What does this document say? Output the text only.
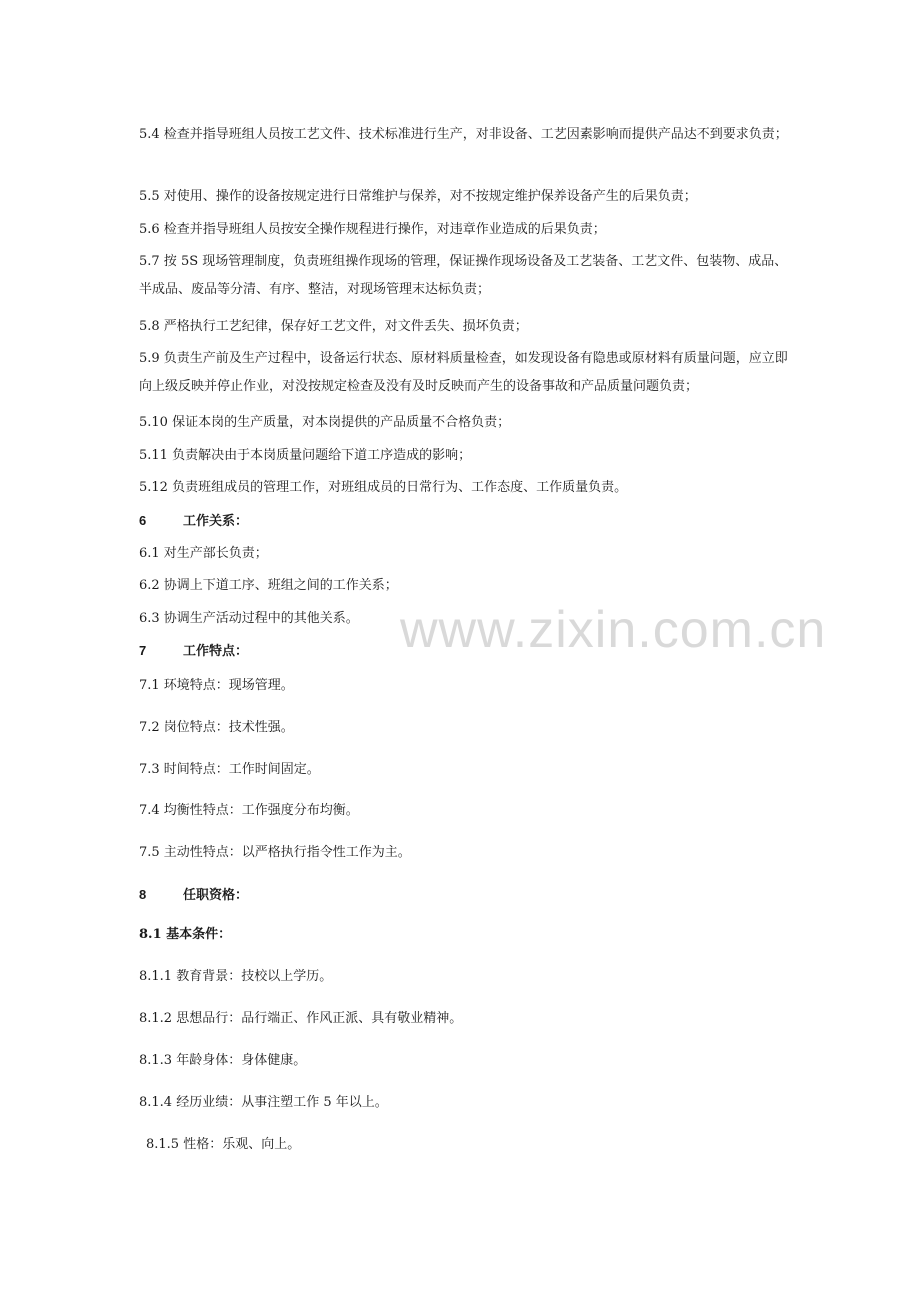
www.zixin.com.cn
5.4 检查并指导班组人员按工艺文件、技术标准进行生产，对非设备、工艺因素影响而提供产品达不到要求负责；
5.5 对使用、操作的设备按规定进行日常维护与保养，对不按规定维护保养设备产生的后果负责；
5.6 检查并指导班组人员按安全操作规程进行操作，对违章作业造成的后果负责；
5.7 按 5S 现场管理制度，负责班组操作现场的管理，保证操作现场设备及工艺装备、工艺文件、包装物、成品、半成品、废品等分清、有序、整洁，对现场管理末达标负责；
5.8 严格执行工艺纪律，保存好工艺文件，对文件丢失、损坏负责；
5.9 负责生产前及生产过程中，设备运行状态、原材料质量检查，如发现设备有隐患或原材料有质量问题，应立即向上级反映并停止作业，对没按规定检查及没有及时反映而产生的设备事故和产品质量问题负责；
5.10 保证本岗的生产质量，对本岗提供的产品质量不合格负责；
5.11 负责解决由于本岗质量问题给下道工序造成的影响；
5.12 负责班组成员的管理工作，对班组成员的日常行为、工作态度、工作质量负责。
6	工作关系：
6.1 对生产部长负责；
6.2 协调上下道工序、班组之间的工作关系；
6.3 协调生产活动过程中的其他关系。
7	工作特点：
7.1 环境特点：现场管理。
7.2 岗位特点：技术性强。
7.3 时间特点：工作时间固定。
7.4 均衡性特点：工作强度分布均衡。
7.5 主动性特点：以严格执行指令性工作为主。
8	任职资格：
8.1 基本条件：
8.1.1 教育背景：技校以上学历。
8.1.2 思想品行：品行端正、作风正派、具有敬业精神。
8.1.3 年龄身体：身体健康。
8.1.4 经历业绩：从事注塑工作 5 年以上。
8.1.5 性格：乐观、向上。
